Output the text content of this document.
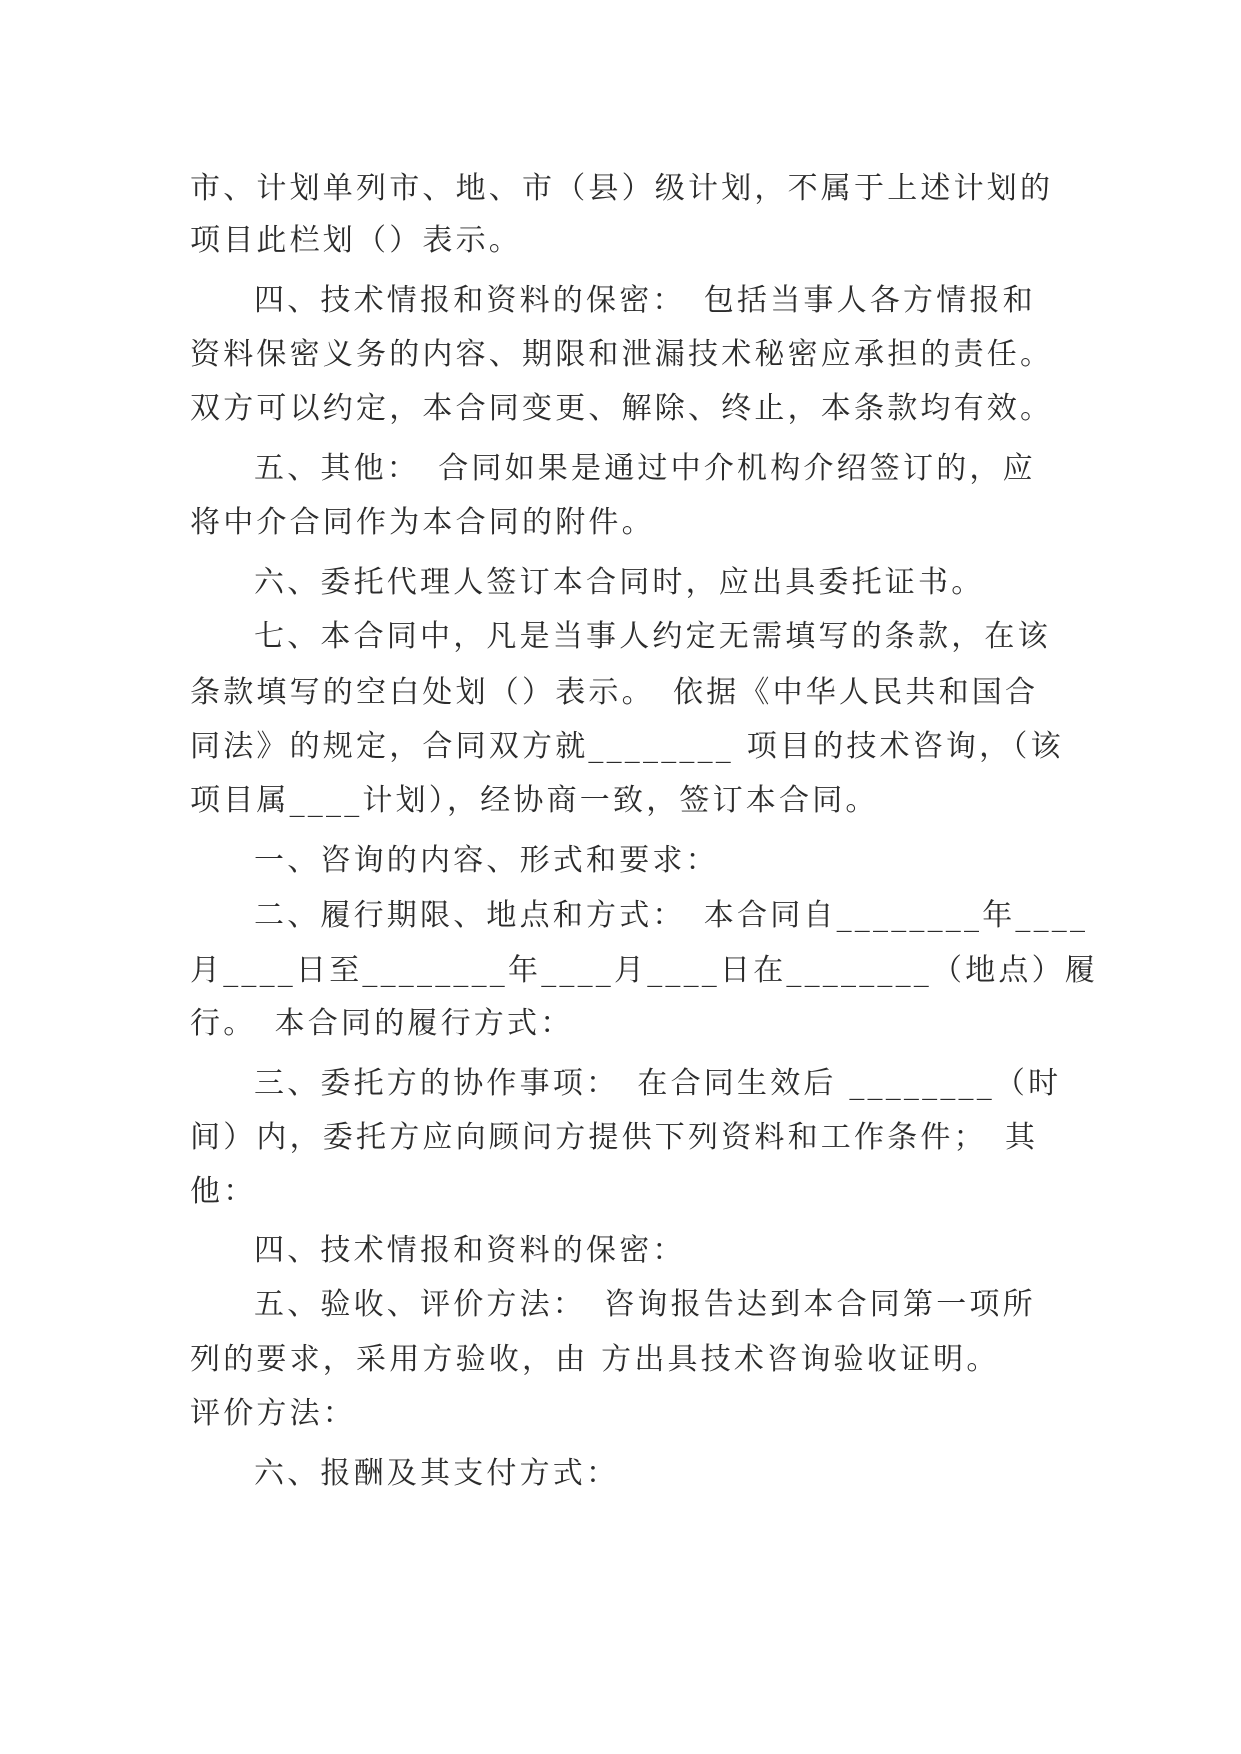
市、计划单列市、地、市（县）级计划，不属于上述计划的
项目此栏划（）表示。
四、技术情报和资料的保密：　包括当事人各方情报和
资料保密义务的内容、期限和泄漏技术秘密应承担的责任。
双方可以约定，本合同变更、解除、终止，本条款均有效。
五、其他：　合同如果是通过中介机构介绍签订的，应
将中介合同作为本合同的附件。
六、委托代理人签订本合同时，应出具委托证书。
七、本合同中，凡是当事人约定无需填写的条款，在该
条款填写的空白处划（）表示。　依据《中华人民共和国合
同法》的规定，合同双方就________ 项目的技术咨询，（该
项目属____计划），经协商一致，签订本合同。
一、咨询的内容、形式和要求：
二、履行期限、地点和方式：　本合同自________年____
月____日至________年____月____日在________（地点）履
行。　本合同的履行方式：
三、委托方的协作事项：　在合同生效后 ________（时
间）内，委托方应向顾问方提供下列资料和工作条件；　其
他：
四、技术情报和资料的保密：
五、验收、评价方法：　咨询报告达到本合同第一项所
列的要求，采用方验收，由 方出具技术咨询验收证明。
评价方法：
六、报酬及其支付方式：
